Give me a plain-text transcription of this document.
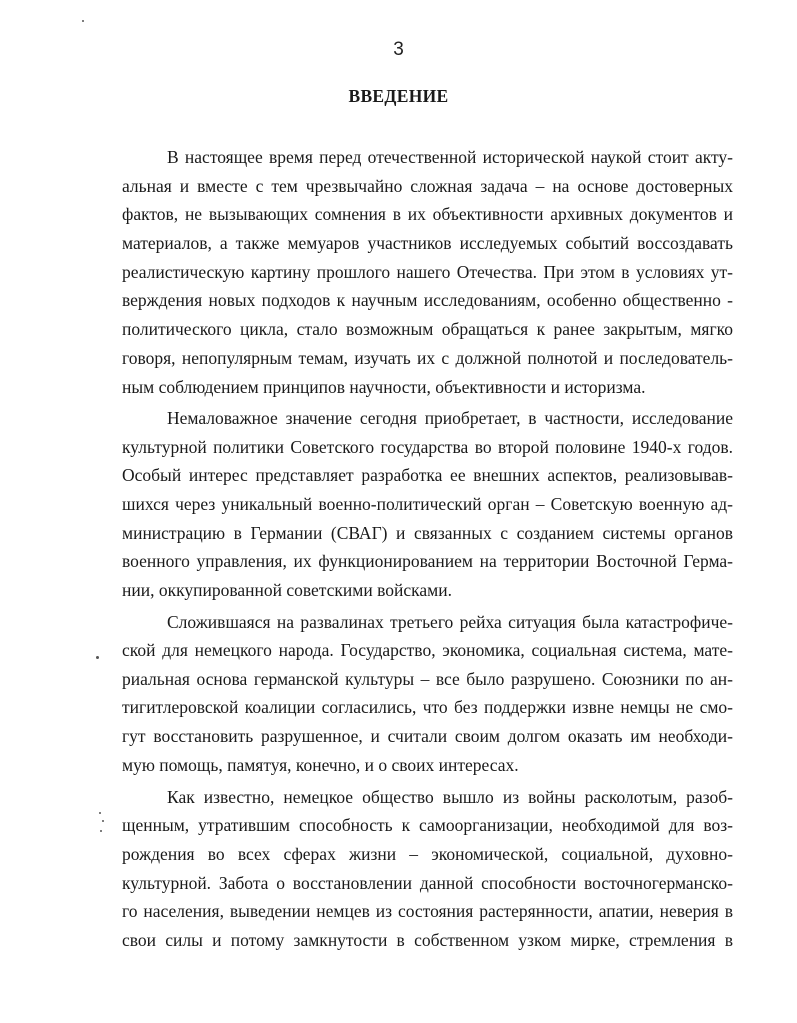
3
ВВЕДЕНИЕ
В настоящее время перед отечественной исторической наукой стоит акту-
альная и вместе с тем чрезвычайно сложная задача – на основе достоверных
фактов, не вызывающих сомнения в их объективности архивных документов и
материалов, а также мемуаров участников исследуемых событий воссоздавать
реалистическую картину прошлого нашего Отечества. При этом в условиях ут-
верждения новых подходов к научным исследованиям, особенно общественно -
политического цикла, стало возможным обращаться к ранее закрытым, мягко
говоря, непопулярным темам, изучать их с должной полнотой и последователь-
ным соблюдением принципов научности, объективности и историзма.
Немаловажное значение сегодня приобретает, в частности, исследование
культурной политики Советского государства во второй половине 1940-х годов.
Особый интерес представляет разработка ее внешних аспектов, реализовывав-
шихся через уникальный военно-политический орган – Советскую военную ад-
министрацию в Германии (СВАГ) и связанных с созданием системы органов
военного управления, их функционированием на территории Восточной Герма-
нии, оккупированной советскими войсками.
Сложившаяся на развалинах третьего рейха ситуация была катастрофиче-
ской для немецкого народа. Государство, экономика, социальная система, мате-
риальная основа германской культуры – все было разрушено. Союзники по ан-
тигитлеровской коалиции согласились, что без поддержки извне немцы не смо-
гут восстановить разрушенное, и считали своим долгом оказать им необходи-
мую помощь, памятуя, конечно, и о своих интересах.
Как известно, немецкое общество вышло из войны расколотым, разоб-
щенным, утратившим способность к самоорганизации, необходимой для воз-
рождения во всех сферах жизни – экономической, социальной, духовно-
культурной. Забота о восстановлении данной способности восточногерманско-
го населения, выведении немцев из состояния растерянности, апатии, неверия в
свои силы и потому замкнутости в собственном узком мирке, стремления в
